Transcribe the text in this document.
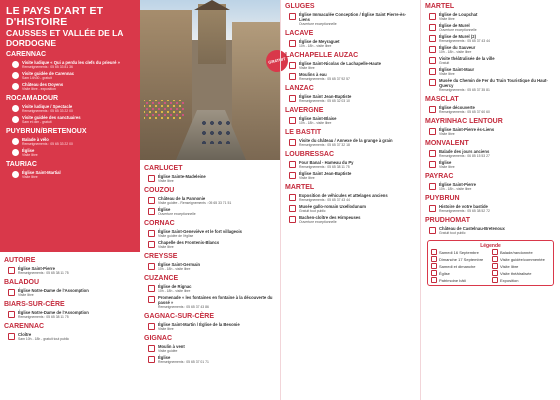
LE PAYS D'ART ET D'HISTOIRE
CAUSSES ET VALLÉE DE LA DORDOGNE
CARENNAC
Visite ludique « Qui a perdu les clefs du prieuré »
Renseignements : 05 65 33 81 36
Visite guidée de Carennac
Sam 14h30 - gratuit
Château des Doyens
Visite libre - exposition
ROCAMADOUR
Visite ludique / Spectacle
Renseignements : 05 65 33 22 00
Visite guidée des sanctuaires
Sam et dim - gratuit
PUYBRUN/BRETENOUX
Balade à vélo
Renseignements : 05 65 33 22 00
Église
Visite libre
TAURIAC
Église Saint-Martial
Visite libre
AUTOIRE
Église Saint-Pierre
Renseignements : 05 65 38 11 75
BALADOU
Église Notre-Dame de l'Assomption
Visite libre
BIARS-SUR-CÈRE
Église Notre-Dame de l'Assomption
Renseignements : 05 65 38 11 75
CARENNAC
Cloître
Sam 10h - 18h - gratuit tout public
GRATUIT
CARLUCET
Église Sainte-Madeleine
Visite libre
COUZOU
Château de la Pannonie
Visite guidée - Renseignements : 05 65 33 71 51
Église
Ouverture exceptionnelle
CORNAC
Église Saint-Geneviève et le fort villageois
Visite guidée de l'église
Chapelle des Frontenis-Blancs
Visite libre
CREYSSE
Église Saint-Germain
10h - 18h - visite libre
CUZANCE
Église de Rignac
10h - 18h - visite libre
Promenade « les fontaines en fontaine à la découverte du passé »
Renseignements : 05 65 37 43 86
GAGNAC-SUR-CÈRE
Église Saint-Martin / Église de la Besonie
Visite libre
GIGNAC
Moulin à vent
Visite guidée
Église
Renseignements : 05 65 37 01 71
GLUGES
Église Immaculée Conception / Église Saint Pierre-ès-Liens
Ouverture exceptionnelle
LACAVE
Église de Meyraguet
10h - 18h - visite libre
LACHAPELLE AUZAC
Église Saint-Nicolas de Lachapelle-Haute
Visite libre
Moulins à eau
Renseignements : 05 65 37 92 57
LANZAC
Église Saint Jean-Baptiste
Renseignements : 05 65 32 03 10
LAVERGNE
Église Saint-Blaise
10h - 18h - visite libre
LE BASTIT
Visite du château / Annexe de la grange à grain
Renseignements : 05 65 37 32 18
LOUBRESSAC
Four Banal - Hameau du Py
Renseignements : 05 65 38 11 75
Église Saint Jean-Baptiste
Visite libre
MARTEL
Exposition de véhicules et attelages anciens
Renseignements : 05 65 37 43 44
Musée gallo-romain Uxellodunum
Gratuit tout public
Bachen-cloître des Hirnpeuses
Ouverture exceptionnelle
MARTEL
Église de Loupchat
Visite libre
Église de Murel
Ouverture exceptionnelle
Église de Murel (2)
Renseignements : 05 65 37 43 44
Église du Sauveur
10h - 18h - visite libre
Visite théâtralisée de la ville
Gratuit
Église Saint-Maur
Visite libre
Musée du Chemin de Fer du Train Touristique du Haut-Quercy
Renseignements : 05 65 37 35 81
MASCLAT
Église découverte
Renseignements : 05 65 37 60 60
MAYRINHAC LENTOUR
Église Saint-Pierre ès-Liens
Visite libre
MONVALENT
Balade des jours anciens
Renseignements : 06 85 15 53 27
Église
Visite libre
PAYRAC
Église Saint-Pierre
10h - 18h - visite libre
PUYBRUN
Histoire de votre bastide
Renseignements : 05 65 38 52 72
PRUDHOMAT
Château de Castelnau-Bretenoux
Gratuit tout public
Légende
Samedi 16 Septembre	Balade/randonnée
Dimanche 17 Septembre	Visite guidée/commentée
Samedi et dimanche	Visite libre
Église	Visite théâtralisée
Patrimoine bâti	Exposition
